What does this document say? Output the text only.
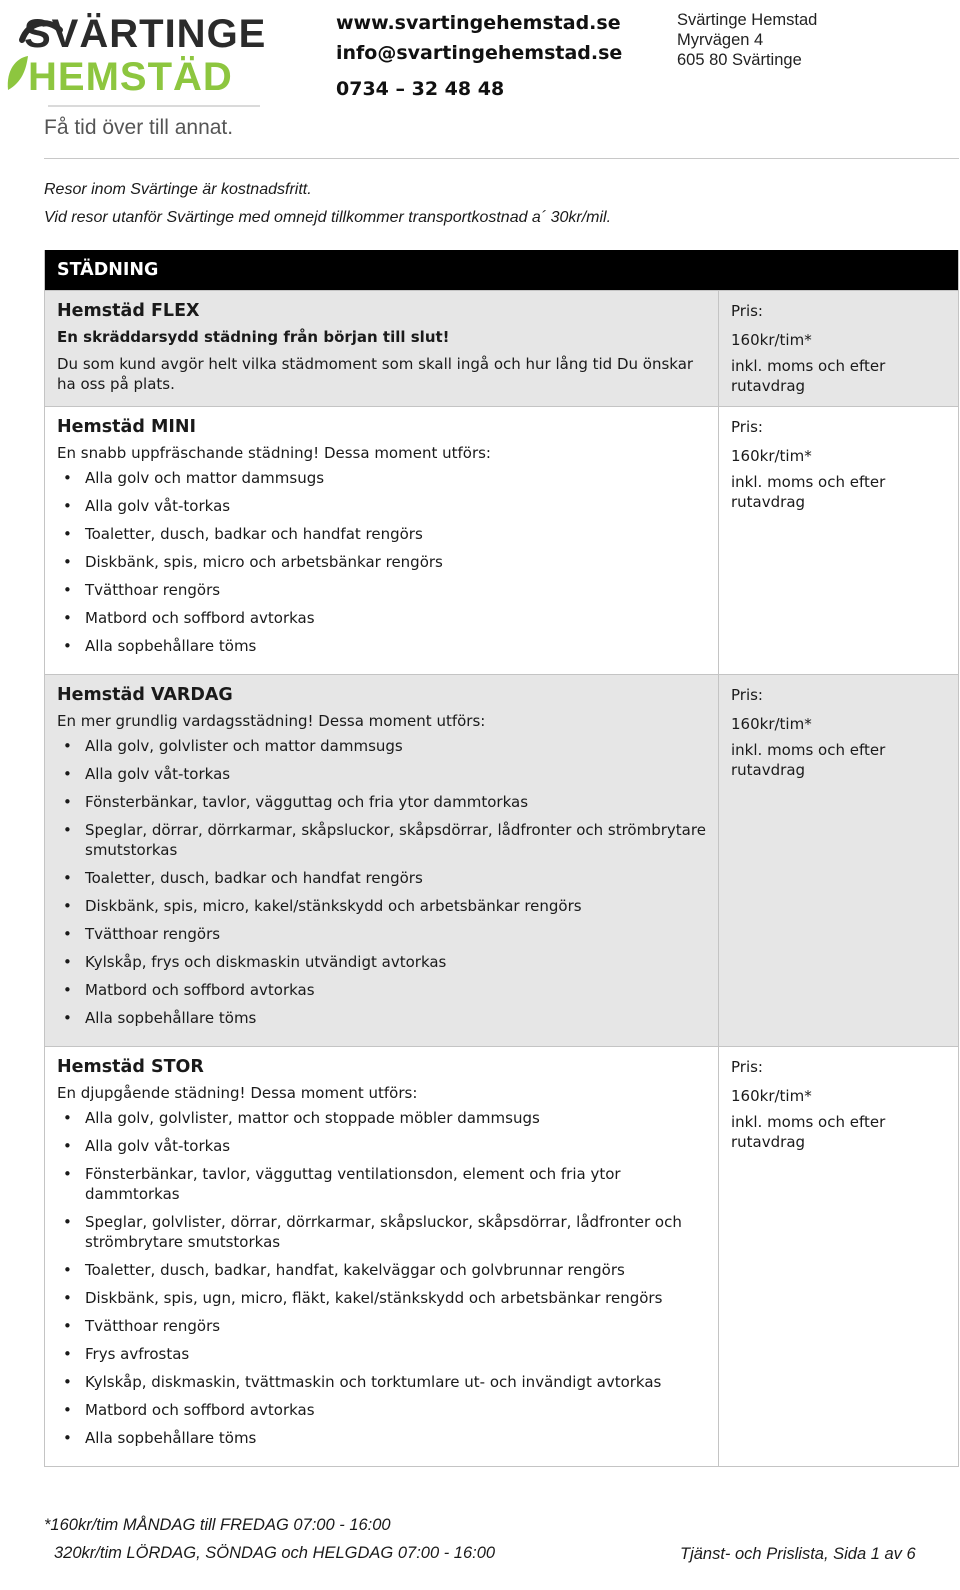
SVÄRTINGE
HEMSTÄD
Få tid över till annat.
www.svartingehemstad.se
info@svartingehemstad.se
0734 – 32 48 48
Svärtinge Hemstad
Myrvägen 4
605 80 Svärtinge
Resor inom Svärtinge är kostnadsfritt.
Vid resor utanför Svärtinge med omnejd tillkommer transportkostnad a´ 30kr/mil.
STÄDNING
Hemstäd FLEX
En skräddarsydd städning från början till slut!
Du som kund avgör helt vilka städmoment som skall ingå och hur lång tid Du önskar ha oss på plats.
Pris:
160kr/tim*
inkl. moms och efter rutavdrag
Hemstäd MINI
En snabb uppfräschande städning! Dessa moment utförs:
• Alla golv och mattor dammsugs
• Alla golv våt-torkas
• Toaletter, dusch, badkar och handfat rengörs
• Diskbänk, spis, micro och arbetsbänkar rengörs
• Tvätthoar rengörs
• Matbord och soffbord avtorkas
• Alla sopbehållare töms
Pris:
160kr/tim*
inkl. moms och efter rutavdrag
Hemstäd VARDAG
En mer grundlig vardagsstädning! Dessa moment utförs:
• Alla golv, golvlister och mattor dammsugs
• Alla golv våt-torkas
• Fönsterbänkar, tavlor, vägguttag och fria ytor dammtorkas
• Speglar, dörrar, dörrkarmar, skåpsluckor, skåpsdörrar, lådfronter och strömbrytare smutstorkas
• Toaletter, dusch, badkar och handfat rengörs
• Diskbänk, spis, micro, kakel/stänkskydd och arbetsbänkar rengörs
• Tvätthoar rengörs
• Kylskåp, frys och diskmaskin utvändigt avtorkas
• Matbord och soffbord avtorkas
• Alla sopbehållare töms
Pris:
160kr/tim*
inkl. moms och efter rutavdrag
Hemstäd STOR
En djupgående städning! Dessa moment utförs:
• Alla golv, golvlister, mattor och stoppade möbler dammsugs
• Alla golv våt-torkas
• Fönsterbänkar, tavlor, vägguttag ventilationsdon, element och fria ytor dammtorkas
• Speglar, golvlister, dörrar, dörrkarmar, skåpsluckor, skåpsdörrar, lådfronter och strömbrytare smutstorkas
• Toaletter, dusch, badkar, handfat, kakelväggar och golvbrunnar rengörs
• Diskbänk, spis, ugn, micro, fläkt, kakel/stänkskydd och arbetsbänkar rengörs
• Tvätthoar rengörs
• Frys avfrostas
• Kylskåp, diskmaskin, tvättmaskin och torktumlare ut- och invändigt avtorkas
• Matbord och soffbord avtorkas
• Alla sopbehållare töms
Pris:
160kr/tim*
inkl. moms och efter rutavdrag
*160kr/tim MÅNDAG till FREDAG 07:00 - 16:00
320kr/tim LÖRDAG, SÖNDAG och HELGDAG 07:00 - 16:00	Tjänst- och Prislista, Sida 1 av 6
